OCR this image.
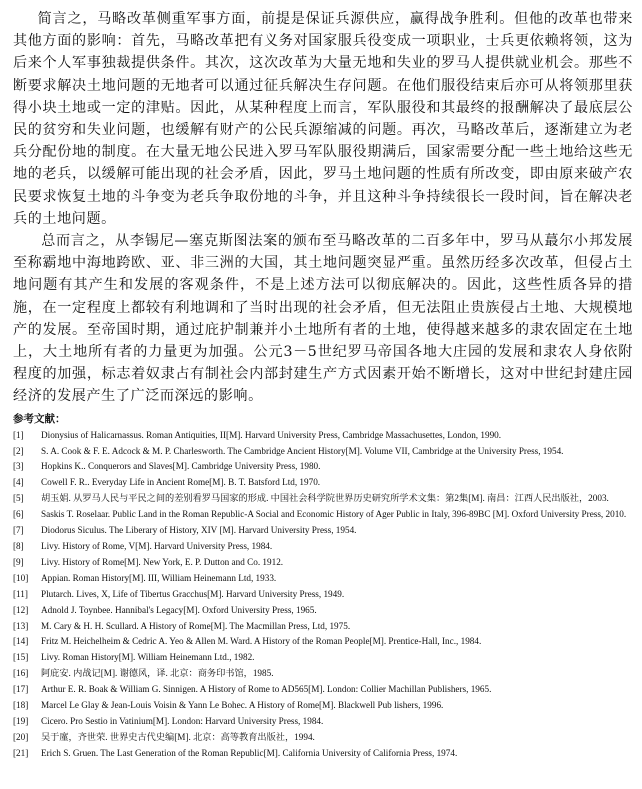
简言之，马略改革侧重军事方面，前提是保证兵源供应，赢得战争胜利。但他的改革也带来其他方面的影响：首先，马略改革把有义务对国家服兵役变成一项职业，士兵更依赖将领，这为后来个人军事独裁提供条件。其次，这次改革为大量无地和失业的罗马人提供就业机会。那些不断要求解决土地问题的无地者可以通过征兵解决生存问题。在他们服役结束后亦可从将领那里获得小块土地或一定的津贴。因此，从某种程度上而言，军队服役和其最终的报酬解决了最底层公民的贫穷和失业问题，也缓解有财产的公民兵源缩减的问题。再次，马略改革后，逐渐建立为老兵分配份地的制度。在大量无地公民进入罗马军队服役期满后，国家需要分配一些土地给这些无地的老兵，以缓解可能出现的社会矛盾，因此，罗马土地问题的性质有所改变，即由原来破产农民要求恢复土地的斗争变为老兵争取份地的斗争，并且这种斗争持续很长一段时间，旨在解决老兵的土地问题。

总而言之，从李锡尼—塞克斯图法案的颁布至马略改革的二百多年中，罗马从蕞尔小邦发展至称霸地中海地跨欧、亚、非三洲的大国，其土地问题突显严重。虽然历经多次改革，但侵占土地问题有其产生和发展的客观条件，不是上述方法可以彻底解决的。因此，这些性质各异的措施，在一定程度上都较有利地调和了当时出现的社会矛盾，但无法阻止贵族侵占土地、大规模地产的发展。至帝国时期，通过庇护制兼并小土地所有者的土地，使得越来越多的隶农固定在土地上，大土地所有者的力量更为加强。公元3－5世纪罗马帝国各地大庄园的发展和隶农人身依附程度的加强，标志着奴隶占有制社会内部封建生产方式因素开始不断增长，这对中世纪封建庄园经济的发展产生了广泛而深远的影响。

参考文献：
[1]	Dionysius of Halicarnassus. Roman Antiquities, II[M]. Harvard University Press, Cambridge Massachusettes, London, 1990.
[2]	S. A. Cook & F. E. Adcock & M. P. Charlesworth. The Cambridge Ancient History[M]. Volume VII, Cambridge at the University Press, 1954.
[3]	Hopkins K.. Conquerors and Slaves[M]. Cambridge University Press, 1980.
[4]	Cowell F. R.. Everyday Life in Ancient Rome[M]. B. T. Batsford Ltd, 1970.
[5]	胡玉娟. 从罗马人民与平民之间的差别看罗马国家的形成. 中国社会科学院世界历史研究所学术文集：第2集[M]. 南昌：江西人民出版社，2003.
[6]	Saskis T. Roselaar. Public Land in the Roman Republic-A Social and Economic History of Ager Public in Italy, 396-89BC [M]. Oxford University Press, 2010.
[7]	Diodorus Siculus. The Liberary of History, XIV [M]. Harvard University Press, 1954.
[8]	Livy. History of Rome, V[M]. Harvard University Press, 1984.
[9]	Livy. History of Rome[M]. New York, E. P. Dutton and Co. 1912.
[10]	Appian. Roman History[M]. III, William Heinemann Ltd, 1933.
[11]	Plutarch. Lives, X, Life of Tibertus Gracchus[M]. Harvard University Press, 1949.
[12]	Adnold J. Toynbee. Hannibal's Legacy[M]. Oxford University Press, 1965.
[13]	M. Cary & H. H. Scullard. A History of Rome[M]. The Macmillan Press, Ltd, 1975.
[14]	Fritz M. Heichelheim & Cedric A. Yeo & Allen M. Ward. A History of the Roman People[M]. Prentice-Hall, Inc., 1984.
[15]	Livy. Roman History[M]. William Heinemann Ltd., 1982.
[16]	阿庇安. 内战记[M]. 谢德风，译. 北京：商务印书馆，1985.
[17]	Arthur E. R. Boak & William G. Sinnigen. A History of Rome to AD565[M]. London: Collier Machillan Publishers, 1965.
[18]	Marcel Le Glay & Jean-Louis Voisin & Yann Le Bohec. A History of Rome[M]. Blackwell Pub lishers, 1996.
[19]	Cicero. Pro Sestio in Vatinium[M]. London: Harvard University Press, 1984.
[20]	吴于廑，齐世荣. 世界史古代史编[M]. 北京：高等教育出版社，1994.
[21]	Erich S. Gruen. The Last Generation of the Roman Republic[M]. California University of California Press, 1974.
